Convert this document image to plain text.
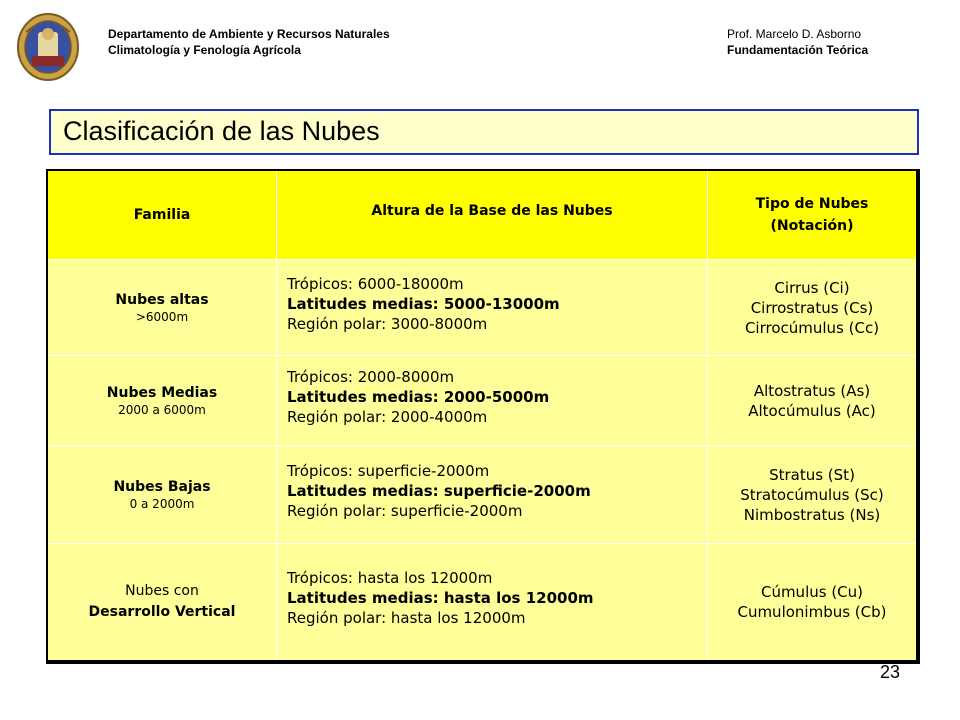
Departamento de Ambiente y Recursos Naturales
Climatología y Fenología Agrícola
Prof. Marcelo D. Asborno
Fundamentación Teórica
Clasificación de las Nubes
Familia	Altura de la Base de las Nubes	Tipo de Nubes
(Notación)

Nubes altas
>6000m	Trópicos: 6000-18000m
Latitudes medias: 5000-13000m
Región polar: 3000-8000m	Cirrus (Ci)
Cirrostratus (Cs)
Cirrocúmulus (Cc)

Nubes Medias
2000 a 6000m	Trópicos: 2000-8000m
Latitudes medias: 2000-5000m
Región polar: 2000-4000m	Altostratus (As)
Altocúmulus (Ac)

Nubes Bajas
0 a 2000m	Trópicos: superficie-2000m
Latitudes medias: superficie-2000m
Región polar: superficie-2000m	Stratus (St)
Stratocúmulus (Sc)
Nimbostratus (Ns)

Nubes con
Desarrollo Vertical	Trópicos: hasta los 12000m
Latitudes medias: hasta los 12000m
Región polar: hasta los 12000m	Cúmulus (Cu)
Cumulonimbus (Cb)
23
